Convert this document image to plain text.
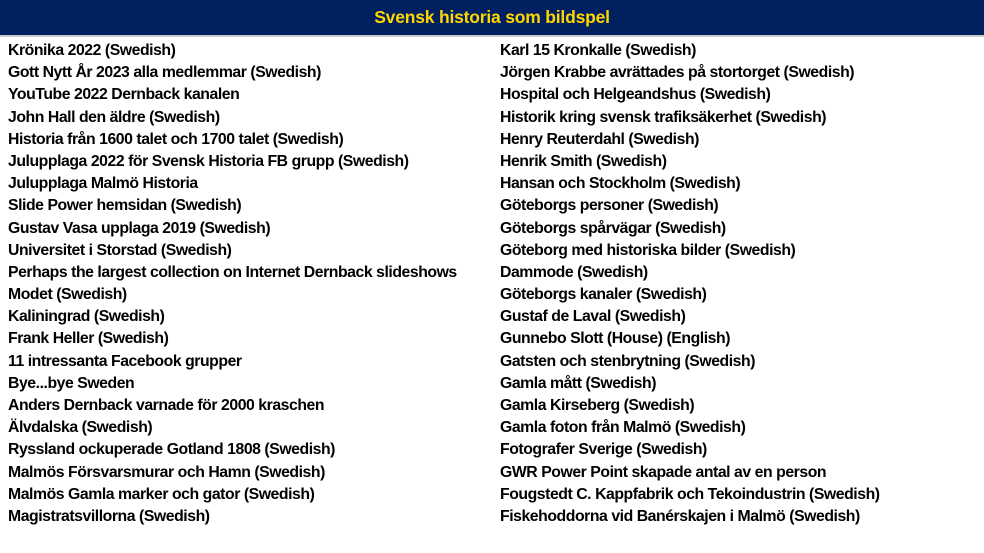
Svensk historia som bildspel
Krönika 2022 (Swedish)
Gott Nytt År 2023 alla medlemmar (Swedish)
YouTube 2022 Dernback kanalen
John Hall den äldre (Swedish)
Historia från 1600 talet och 1700 talet (Swedish)
Julupplaga 2022 för Svensk Historia FB grupp (Swedish)
Julupplaga Malmö Historia
Slide Power hemsidan (Swedish)
Gustav Vasa upplaga 2019 (Swedish)
Universitet i Storstad (Swedish)
Perhaps the largest collection on Internet Dernback slideshows
Modet (Swedish)
Kaliningrad (Swedish)
Frank Heller (Swedish)
11 intressanta Facebook grupper
Bye...bye Sweden
Anders Dernback varnade för 2000 kraschen
Älvdalska (Swedish)
Ryssland ockuperade Gotland 1808 (Swedish)
Malmös Försvarsmurar och Hamn (Swedish)
Malmös Gamla marker och gator (Swedish)
Magistratsvillorna (Swedish)
Karl 15 Kronkalle (Swedish)
Jörgen Krabbe avrättades på stortorget (Swedish)
Hospital och Helgeandshus (Swedish)
Historik kring svensk trafiksäkerhet (Swedish)
Henry Reuterdahl (Swedish)
Henrik Smith (Swedish)
Hansan och Stockholm (Swedish)
Göteborgs personer (Swedish)
Göteborgs spårvägar (Swedish)
Göteborg med historiska bilder (Swedish)
Dammode (Swedish)
Göteborgs kanaler (Swedish)
Gustaf de Laval (Swedish)
Gunnebo Slott (House) (English)
Gatsten och stenbrytning (Swedish)
Gamla mått (Swedish)
Gamla Kirseberg (Swedish)
Gamla foton från Malmö (Swedish)
Fotografer Sverige (Swedish)
GWR Power Point skapade antal av en person
Fougstedt C. Kappfabrik och Tekoindustrin (Swedish)
Fiskehoddorna vid Banérskajen i Malmö (Swedish)
